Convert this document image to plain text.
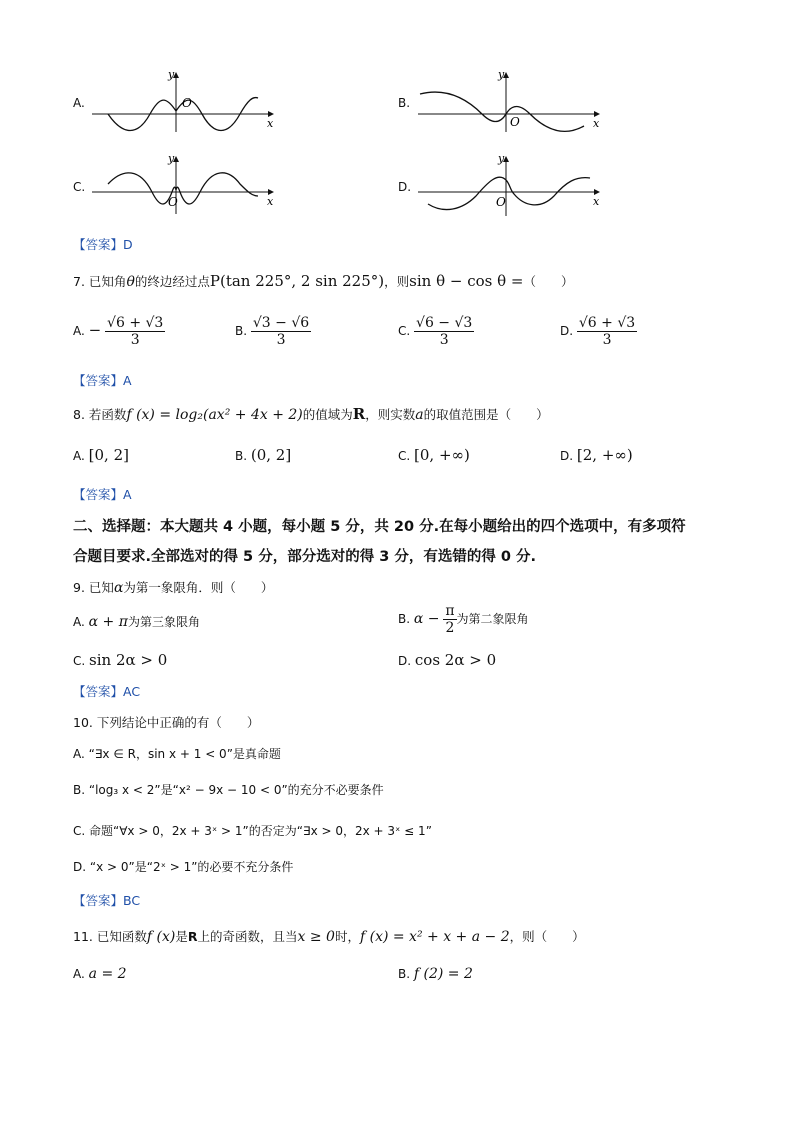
A.
y
O
x
B.
y
O	x
C.
y
O	x
D.
y
O	x
【答案】D
7. 已知角θ的终边经过点P(tan 225°, 2 sin 225°)，则sin θ − cos θ =（　　）
A. − $\frac{√6 + √3}{3}$	B. $\frac{√3 - √6}{3}$	C. $\frac{√6 - √3}{3}$	D. $\frac{√6 + √3}{3}$
【答案】A
8. 若函数f (x) = log₂(ax² + 4x + 2)的值域为R，则实数a的取值范围是（　　）
A. [0, 2]	B. (0, 2]	C. [0, +∞)	D. [2, +∞)
【答案】A
二、选择题：本大题共 4 小题，每小题 5 分，共 20 分.在每小题给出的四个选项中，有多项符
合题目要求.全部选对的得 5 分，部分选对的得 3 分，有选错的得 0 分.
9. 已知α为第一象限角．则（　　）
A. α + π为第三象限角	B. $\alpha - \frac{\pi}{2}$ 为第二象限角
C. sin 2α > 0	D. cos 2α > 0
【答案】AC
10. 下列结论中正确的有（　　）
A. “∃x ∈ R，sin x + 1 < 0”是真命题
B. “log₃ x < 2”是“x² − 9x − 10 < 0”的充分不必要条件
C. 命题“∀x > 0，2x + 3ˣ > 1”的否定为“∃x > 0，2x + 3ˣ ≤ 1”
D. “x > 0”是“2ˣ > 1”的必要不充分条件
【答案】BC
11. 已知函数f (x)是R上的奇函数，且当x ≥ 0时，f (x) = x² + x + a − 2，则（　　）
A. a = 2	B. f (2) = 2
